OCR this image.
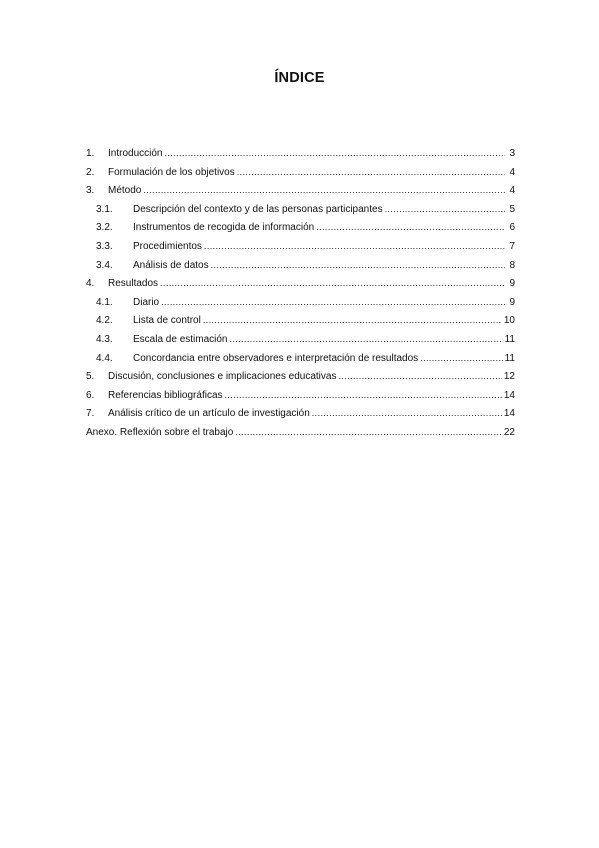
ÍNDICE
1.	Introducción .....	3
2.	Formulación de los objetivos .....	4
3.	Método .....	4
3.1.	Descripción del contexto y de las personas participantes .....	5
3.2.	Instrumentos de recogida de información .....	6
3.3.	Procedimientos .....	7
3.4.	Análisis de datos .....	8
4.	Resultados .....	9
4.1.	Diario .....	9
4.2.	Lista de control .....	10
4.3.	Escala de estimación .....	11
4.4.	Concordancia entre observadores e interpretación de resultados .....	11
5.	Discusión, conclusiones e implicaciones educativas .....	12
6.	Referencias bibliográficas .....	14
7.	Análisis crítico de un artículo de investigación .....	14
Anexo. Reflexión sobre el trabajo .....	22
